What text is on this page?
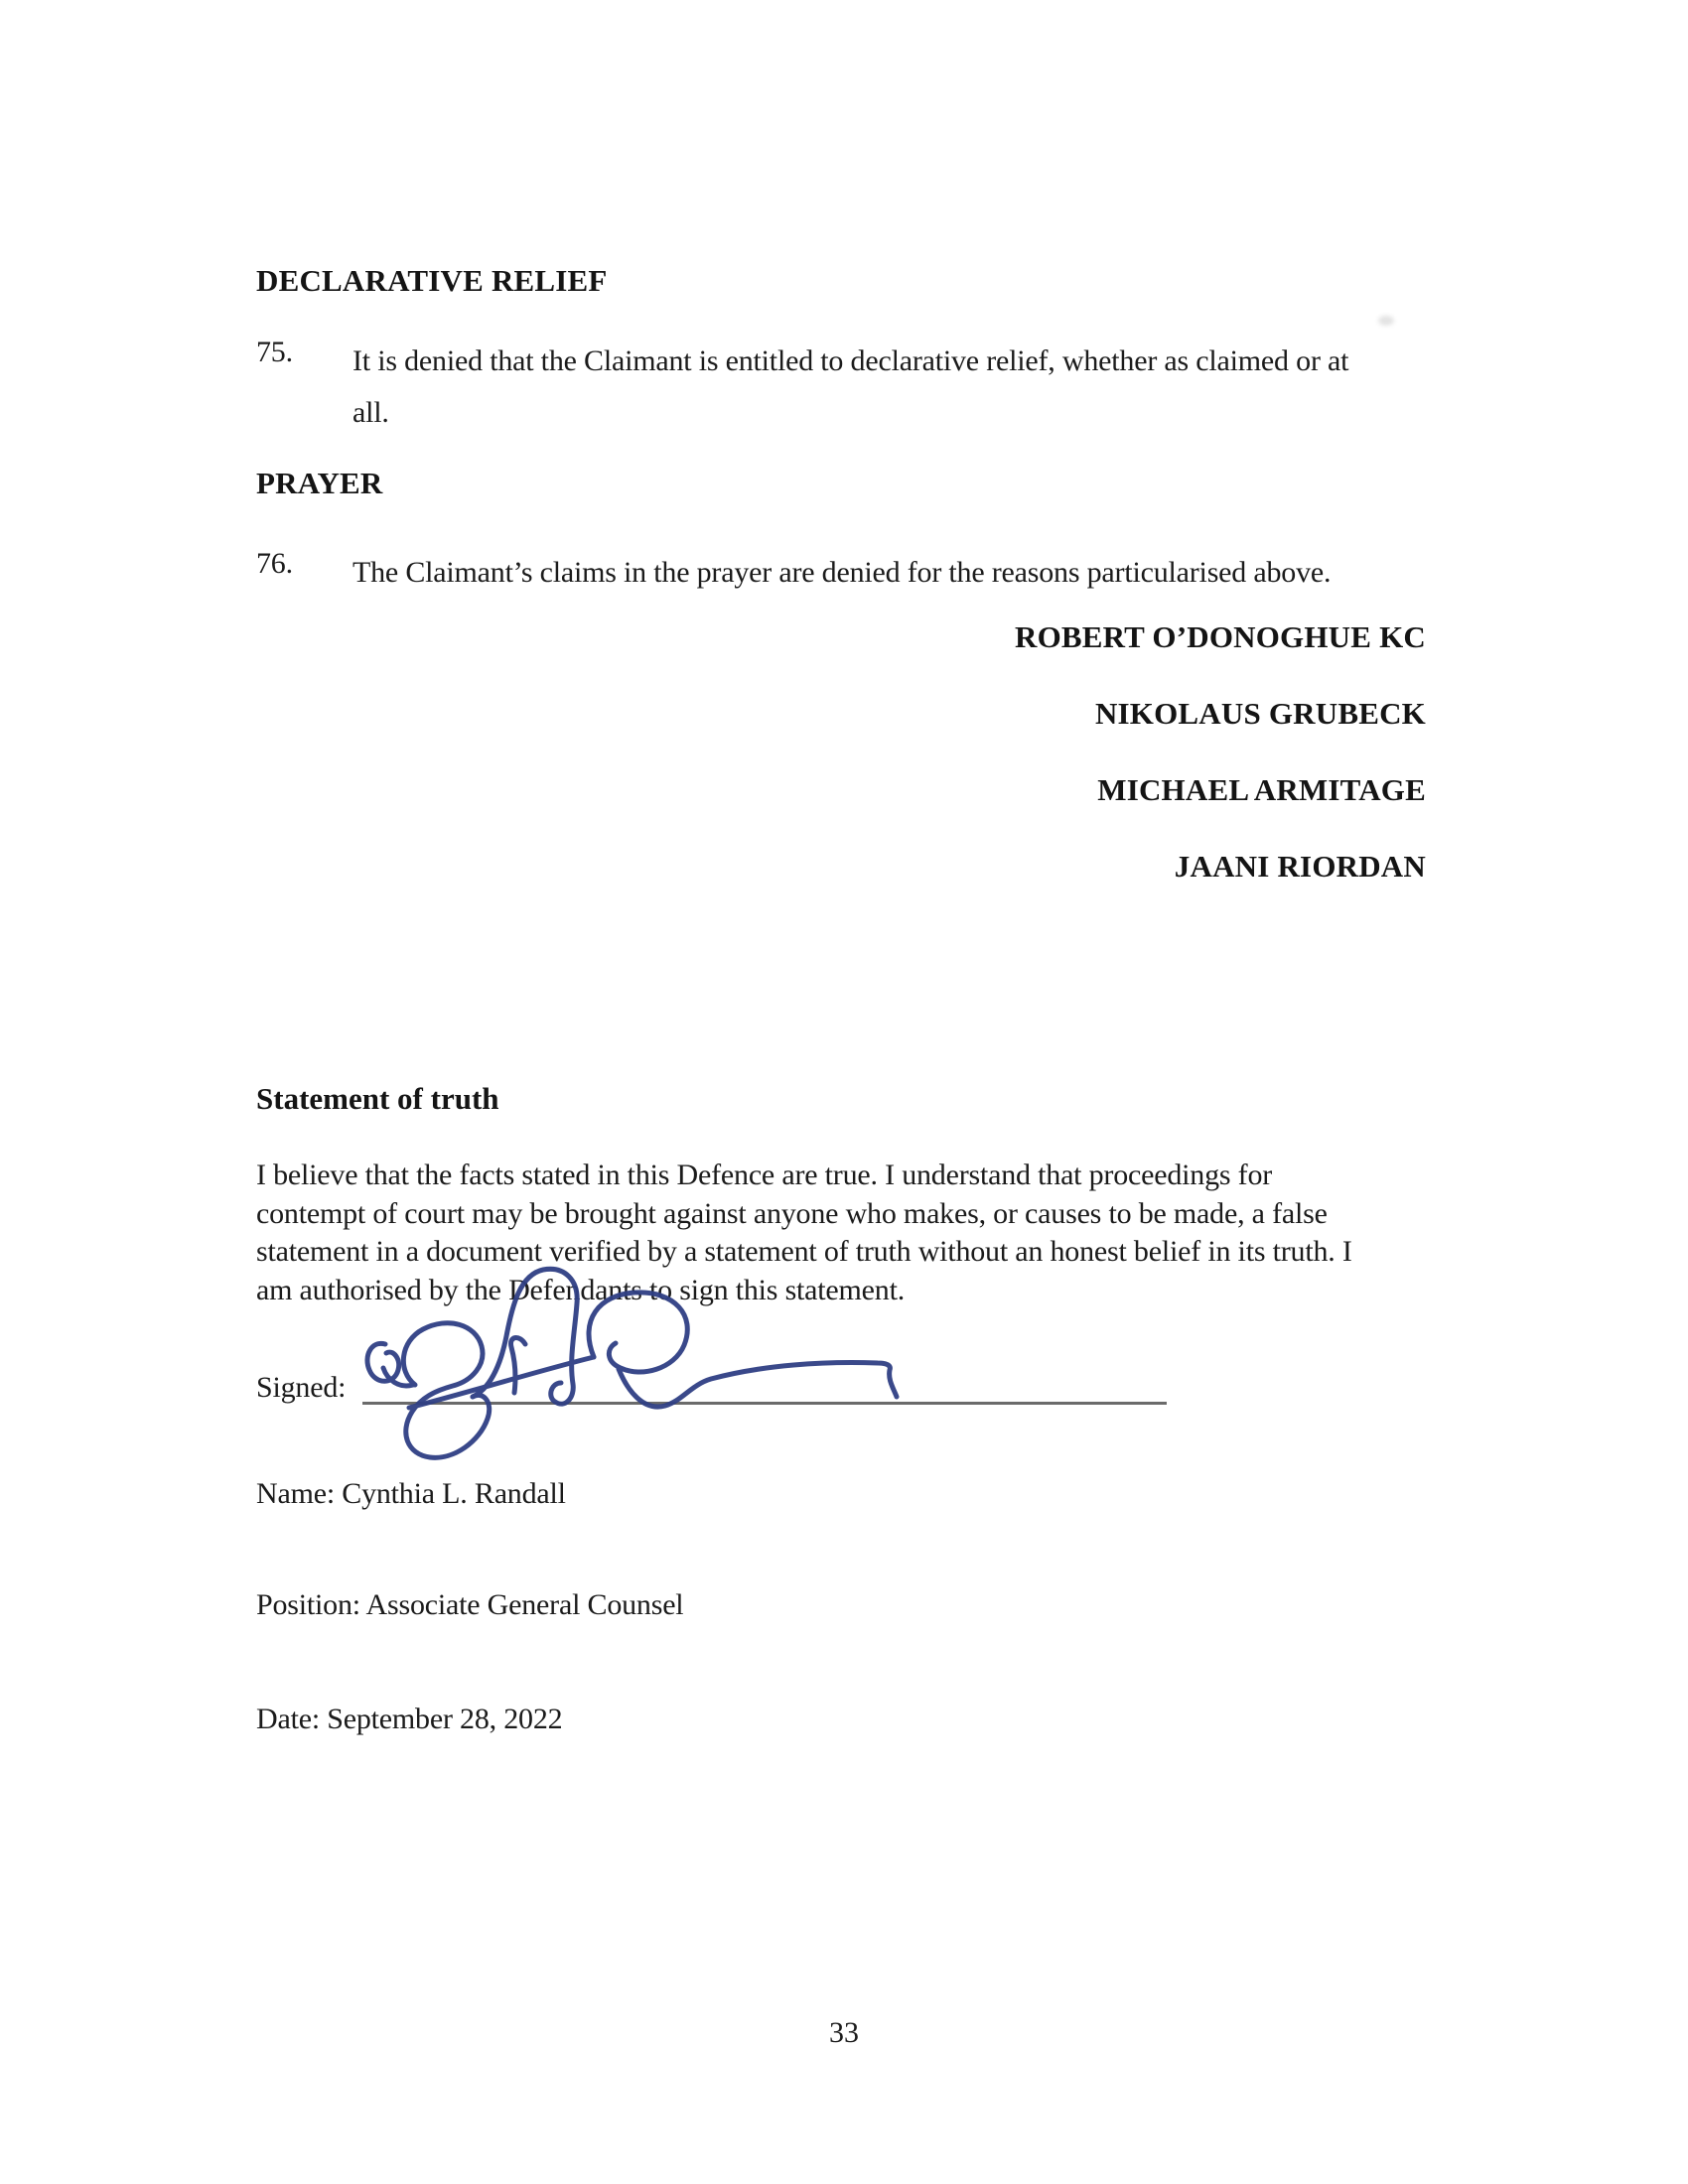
DECLARATIVE RELIEF
75. It is denied that the Claimant is entitled to declarative relief, whether as claimed or at
all.
PRAYER
76. The Claimant’s claims in the prayer are denied for the reasons particularised above.
ROBERT O’DONOGHUE KC
NIKOLAUS GRUBECK
MICHAEL ARMITAGE
JAANI RIORDAN
Statement of truth
I believe that the facts stated in this Defence are true. I understand that proceedings for
contempt of court may be brought against anyone who makes, or causes to be made, a false
statement in a document verified by a statement of truth without an honest belief in its truth. I
am authorised by the Defendants to sign this statement.
Signed:
Name: Cynthia L. Randall
Position: Associate General Counsel
Date: September 28, 2022
33
